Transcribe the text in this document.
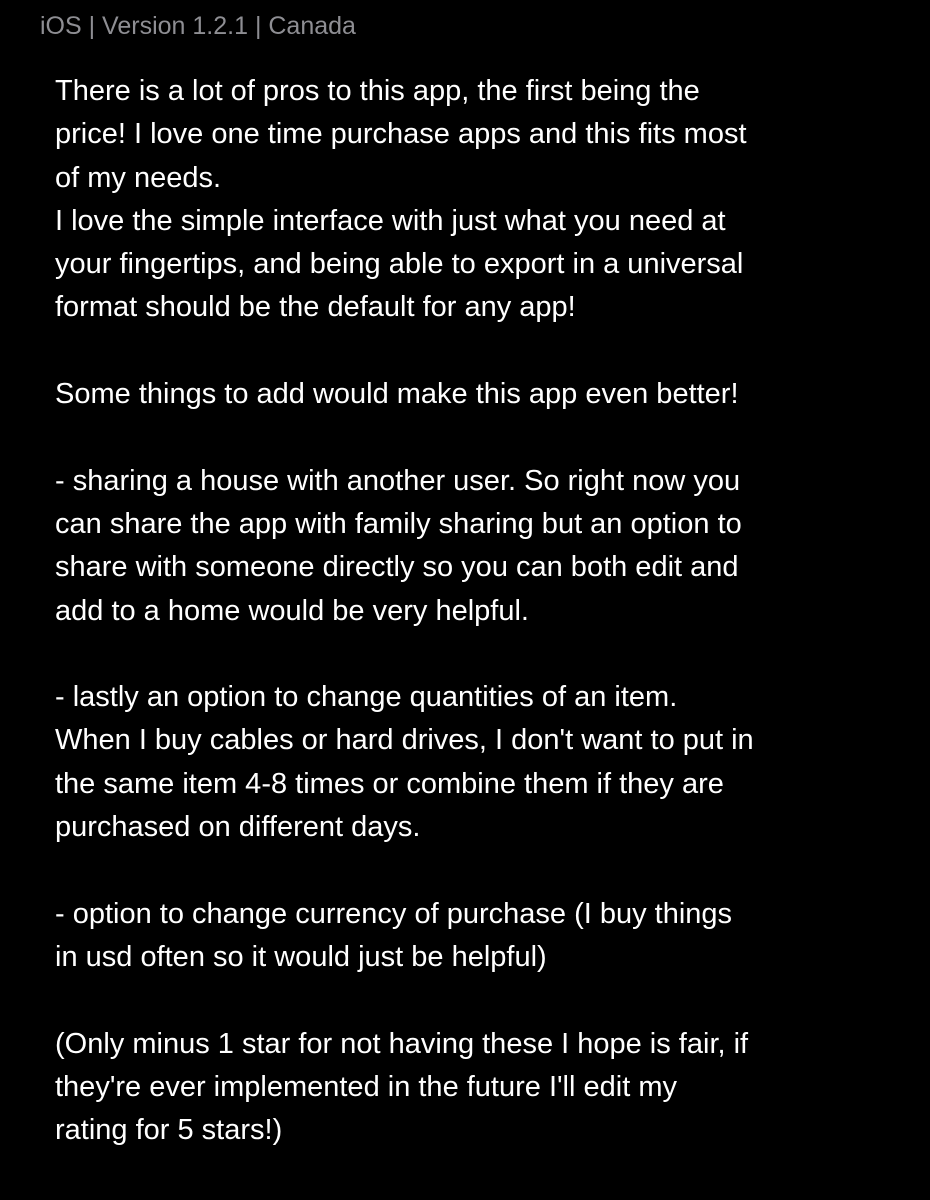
iOS | Version 1.2.1 | Canada

There is a lot of pros to this app, the first being the
price! I love one time purchase apps and this fits most
of my needs.
I love the simple interface with just what you need at
your fingertips, and being able to export in a universal
format should be the default for any app!

Some things to add would make this app even better!

- sharing a house with another user. So right now you
can share the app with family sharing but an option to
share with someone directly so you can both edit and
add to a home would be very helpful.

- lastly an option to change quantities of an item.
When I buy cables or hard drives, I don't want to put in
the same item 4-8 times or combine them if they are
purchased on different days.

- option to change currency of purchase (I buy things
in usd often so it would just be helpful)

(Only minus 1 star for not having these I hope is fair, if
they're ever implemented in the future I'll edit my
rating for 5 stars!)
